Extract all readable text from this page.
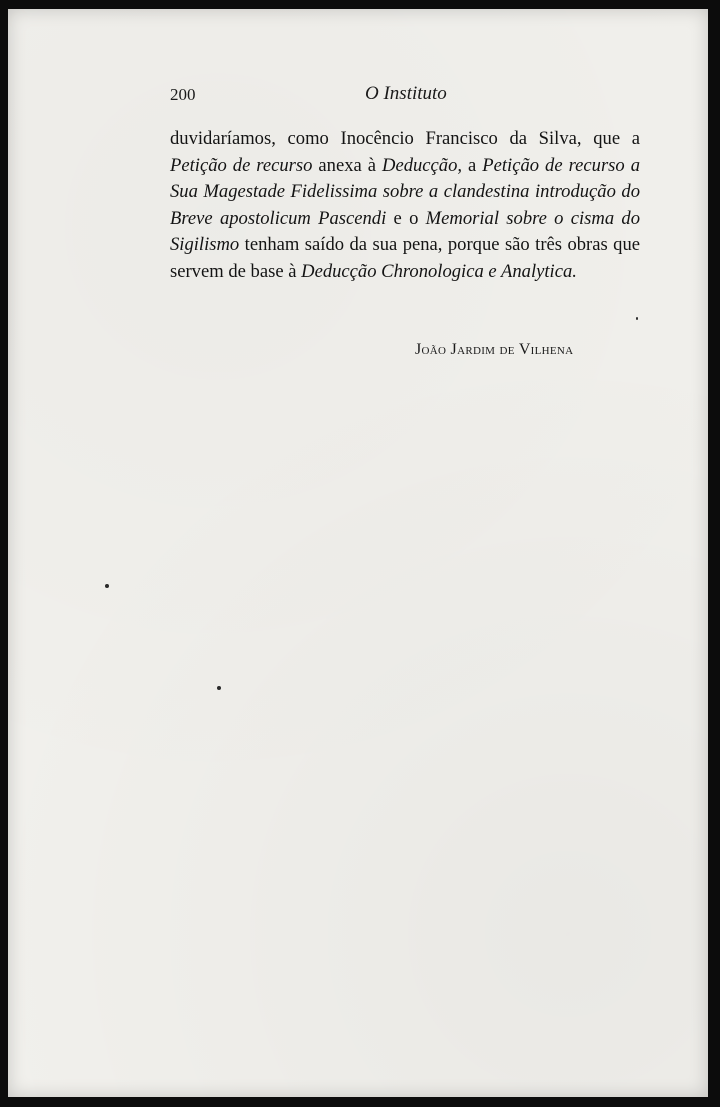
200	O Instituto

duvidaríamos, como Inocêncio Francisco da Silva, que a Petição de recurso anexa à Deducção, a Petição de recurso a Sua Magestade Fidelissima sobre a clandestina introdução do Breve apostolicum Pascendi e o Memorial sobre o cisma do Sigilismo tenham saído da sua pena, porque são três obras que servem de base à Deducção Chronologica e Analytica.

João Jardim de Vilhena
